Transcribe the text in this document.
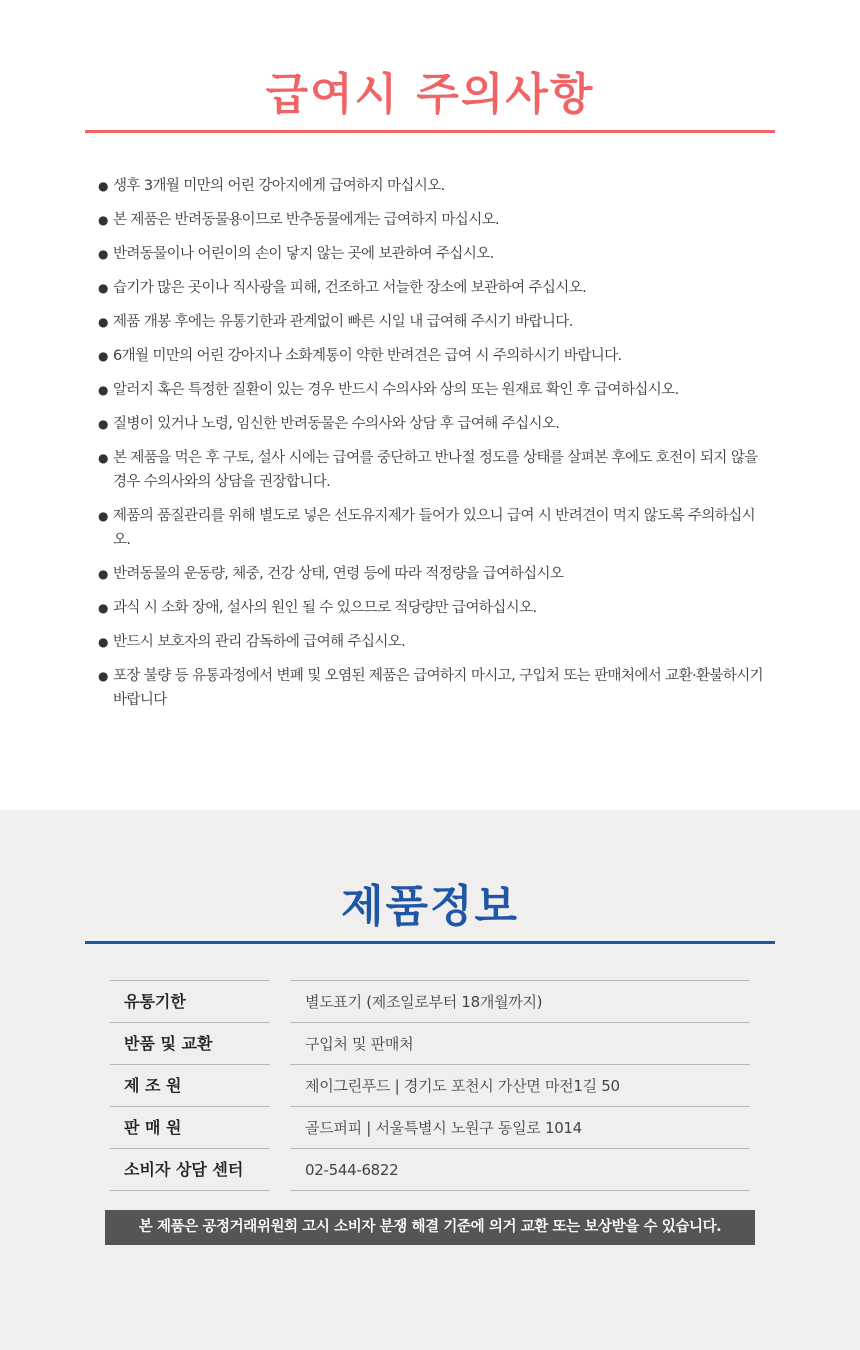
급여시 주의사항
● 생후 3개월 미만의 어린 강아지에게 급여하지 마십시오.
● 본 제품은 반려동물용이므로 반추동물에게는 급여하지 마십시오.
● 반려동물이나 어린이의 손이 닿지 않는 곳에 보관하여 주십시오.
● 습기가 많은 곳이나 직사광을 피해, 건조하고 서늘한 장소에 보관하여 주십시오.
● 제품 개봉 후에는 유통기한과 관계없이 빠른 시일 내 급여해 주시기 바랍니다.
● 6개월 미만의 어린 강아지나 소화계통이 약한 반려견은 급여 시 주의하시기 바랍니다.
● 알러지 혹은 특정한 질환이 있는 경우 반드시 수의사와 상의 또는 원재료 확인 후 급여하십시오.
● 질병이 있거나 노령, 임신한 반려동물은 수의사와 상담 후 급여해 주십시오.
● 본 제품을 먹은 후 구토, 설사 시에는 급여를 중단하고 반나절 정도를 상태를 살펴본 후에도 호전이 되지 않을 경우 수의사와의 상담을 권장합니다.
● 제품의 품질관리를 위해 별도로 넣은 선도유지제가 들어가 있으니 급여 시 반려견이 먹지 않도록 주의하십시오.
● 반려동물의 운동량, 체중, 건강 상태, 연령 등에 따라 적정량을 급여하십시오
● 과식 시 소화 장애, 설사의 원인 될 수 있으므로 적당량만 급여하십시오.
● 반드시 보호자의 관리 감독하에 급여해 주십시오.
● 포장 불량 등 유통과정에서 변폐 및 오염된 제품은 급여하지 마시고, 구입처 또는 판매처에서 교환·환불하시기 바랍니다
제품정보
유통기한	별도표기 (제조일로부터 18개월까지)
반품 및 교환	구입처 및 판매처
제 조 원	제이그린푸드 | 경기도 포천시 가산면 마전1길 50
판 매 원	골드퍼피 | 서울특별시 노원구 동일로 1014
소비자 상담 센터	02-544-6822
본 제품은 공정거래위원회 고시 소비자 분쟁 해결 기준에 의거 교환 또는 보상받을 수 있습니다.
